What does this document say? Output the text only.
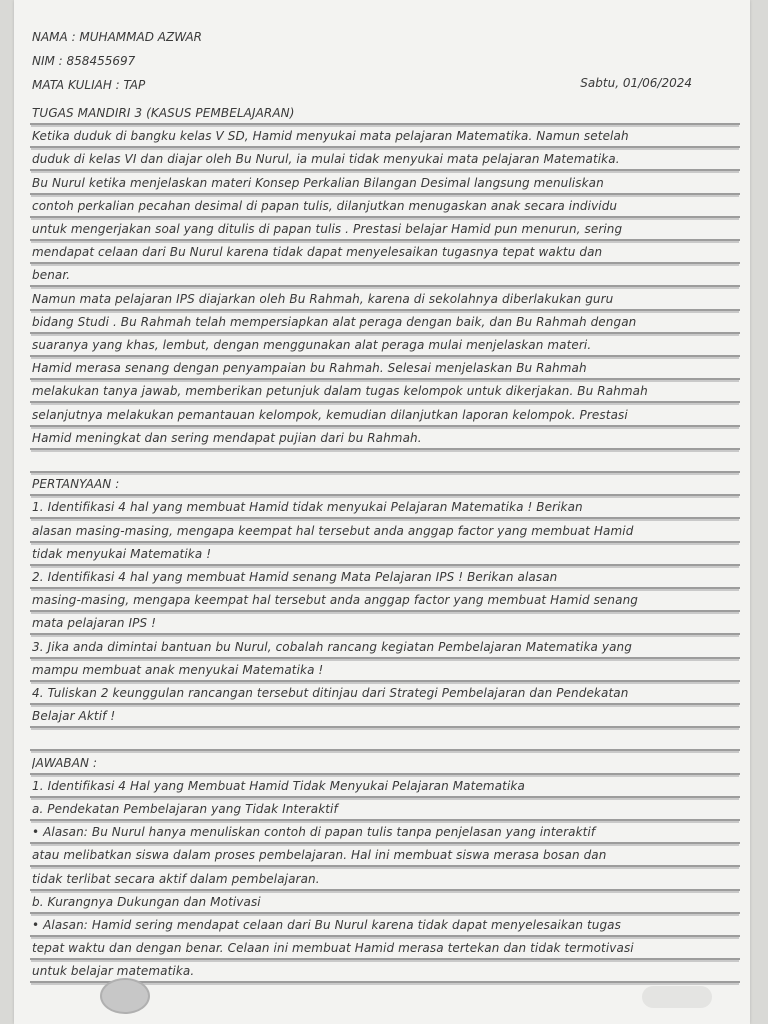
NAMA : MUHAMMAD AZWAR
NIM : 858455697
MATA KULIAH : TAP	Sabtu, 01/06/2024
TUGAS MANDIRI 3 (KASUS PEMBELAJARAN)
Ketika duduk di bangku kelas V SD, Hamid menyukai mata pelajaran Matematika. Namun setelah
duduk di kelas VI dan diajar oleh Bu Nurul, ia mulai tidak menyukai mata pelajaran Matematika.
Bu Nurul ketika menjelaskan materi Konsep Perkalian Bilangan Desimal langsung menuliskan
contoh perkalian pecahan desimal di papan tulis, dilanjutkan menugaskan anak secara individu
untuk mengerjakan soal yang ditulis di papan tulis . Prestasi belajar Hamid pun menurun, sering
mendapat celaan dari Bu Nurul karena tidak dapat menyelesaikan tugasnya tepat waktu dan
benar.
Namun mata pelajaran IPS diajarkan oleh Bu Rahmah, karena di sekolahnya diberlakukan guru
bidang Studi . Bu Rahmah telah mempersiapkan alat peraga dengan baik, dan Bu Rahmah dengan
suaranya yang khas, lembut, dengan menggunakan alat peraga mulai menjelaskan materi.
Hamid merasa senang dengan penyampaian bu Rahmah. Selesai menjelaskan Bu Rahmah
melakukan tanya jawab, memberikan petunjuk dalam tugas kelompok untuk dikerjakan. Bu Rahmah
selanjutnya melakukan pemantauan kelompok, kemudian dilanjutkan laporan kelompok. Prestasi
Hamid meningkat dan sering mendapat pujian dari bu Rahmah.
PERTANYAAN :
1. Identifikasi 4 hal yang membuat Hamid tidak menyukai Pelajaran Matematika ! Berikan
alasan masing-masing, mengapa keempat hal tersebut anda anggap factor yang membuat Hamid
tidak menyukai Matematika !
2. Identifikasi 4 hal yang membuat Hamid senang Mata Pelajaran IPS ! Berikan alasan
masing-masing, mengapa keempat hal tersebut anda anggap factor yang membuat Hamid senang
mata pelajaran IPS !
3. Jika anda dimintai bantuan bu Nurul, cobalah rancang kegiatan Pembelajaran Matematika yang
mampu membuat anak menyukai Matematika !
4. Tuliskan 2 keunggulan rancangan tersebut ditinjau dari Strategi Pembelajaran dan Pendekatan
Belajar Aktif !
JAWABAN :
1. Identifikasi 4 Hal yang Membuat Hamid Tidak Menyukai Pelajaran Matematika
a. Pendekatan Pembelajaran yang Tidak Interaktif
• Alasan: Bu Nurul hanya menuliskan contoh di papan tulis tanpa penjelasan yang interaktif
atau melibatkan siswa dalam proses pembelajaran. Hal ini membuat siswa merasa bosan dan
tidak terlibat secara aktif dalam pembelajaran.
b. Kurangnya Dukungan dan Motivasi
• Alasan: Hamid sering mendapat celaan dari Bu Nurul karena tidak dapat menyelesaikan tugas
tepat waktu dan dengan benar. Celaan ini membuat Hamid merasa tertekan dan tidak termotivasi
untuk belajar matematika.
